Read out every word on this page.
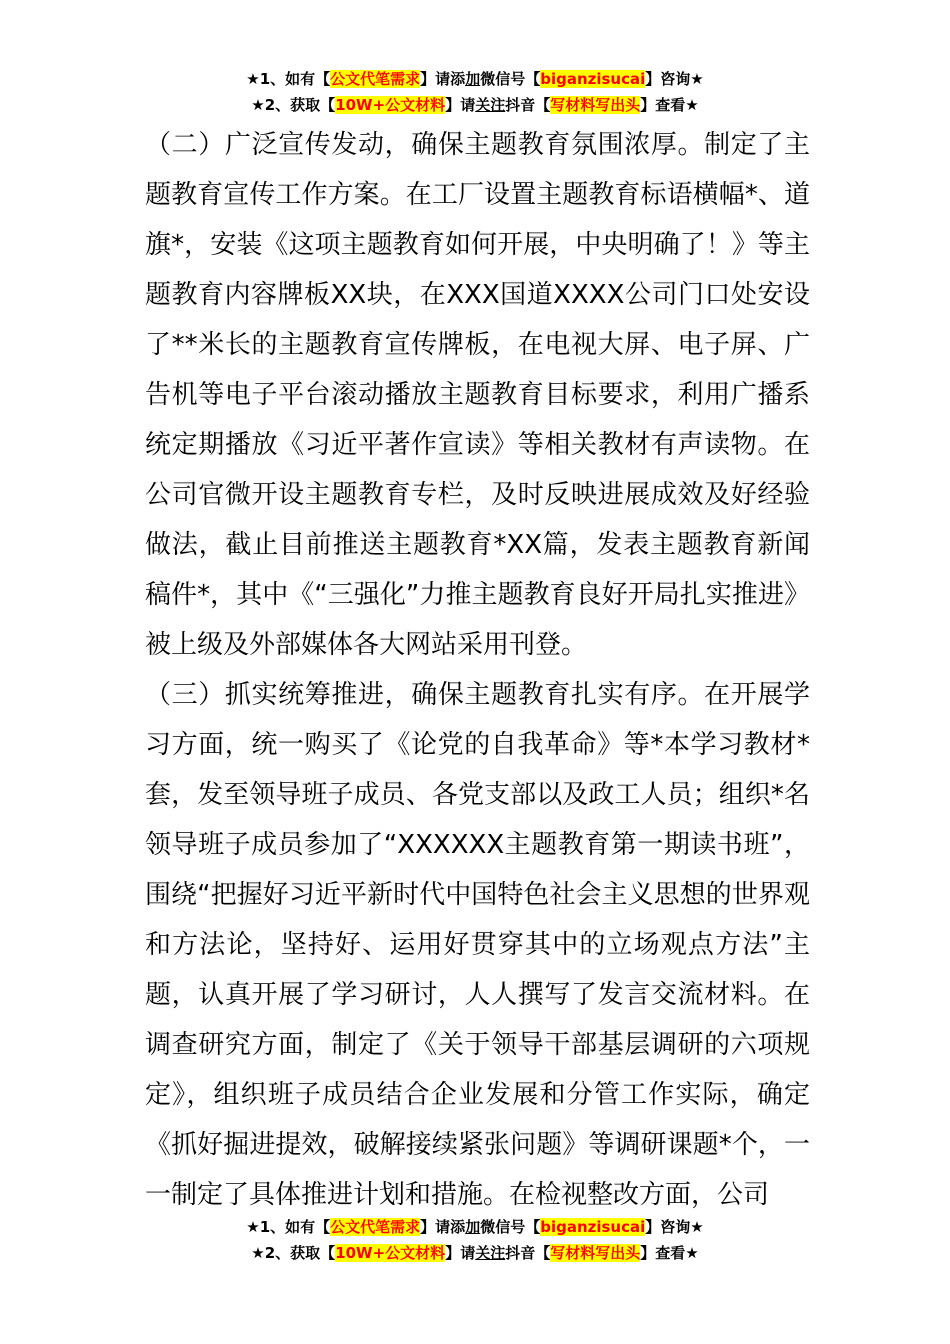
★1、如有【公文代笔需求】请添加微信号【biganzisucai】咨询★
★2、获取【10W+公文材料】请关注抖音【写材料写出头】查看★

（二）广泛宣传发动，确保主题教育氛围浓厚。制定了主题教育宣传工作方案。在工厂设置主题教育标语横幅*、道旗*，安装《这项主题教育如何开展，中央明确了！》等主题教育内容牌板XX块，在XXX国道XXXX公司门口处安设了**米长的主题教育宣传牌板，在电视大屏、电子屏、广告机等电子平台滚动播放主题教育目标要求，利用广播系统定期播放《习近平著作宣读》等相关教材有声读物。在公司官微开设主题教育专栏，及时反映进展成效及好经验做法，截止目前推送主题教育*XX篇，发表主题教育新闻稿件*，其中《“三强化”力推主题教育良好开局扎实推进》被上级及外部媒体各大网站采用刊登。

（三）抓实统筹推进，确保主题教育扎实有序。在开展学习方面，统一购买了《论党的自我革命》等*本学习教材*套，发至领导班子成员、各党支部以及政工人员；组织*名领导班子成员参加了“XXXXXX主题教育第一期读书班”，围绕“把握好习近平新时代中国特色社会主义思想的世界观和方法论，坚持好、运用好贯穿其中的立场观点方法”主题，认真开展了学习研讨，人人撰写了发言交流材料。在调查研究方面，制定了《关于领导干部基层调研的六项规定》，组织班子成员结合企业发展和分管工作实际，确定《抓好掘进提效，破解接续紧张问题》等调研课题*个，一一制定了具体推进计划和措施。在检视整改方面，公司

★1、如有【公文代笔需求】请添加微信号【biganzisucai】咨询★
★2、获取【10W+公文材料】请关注抖音【写材料写出头】查看★
